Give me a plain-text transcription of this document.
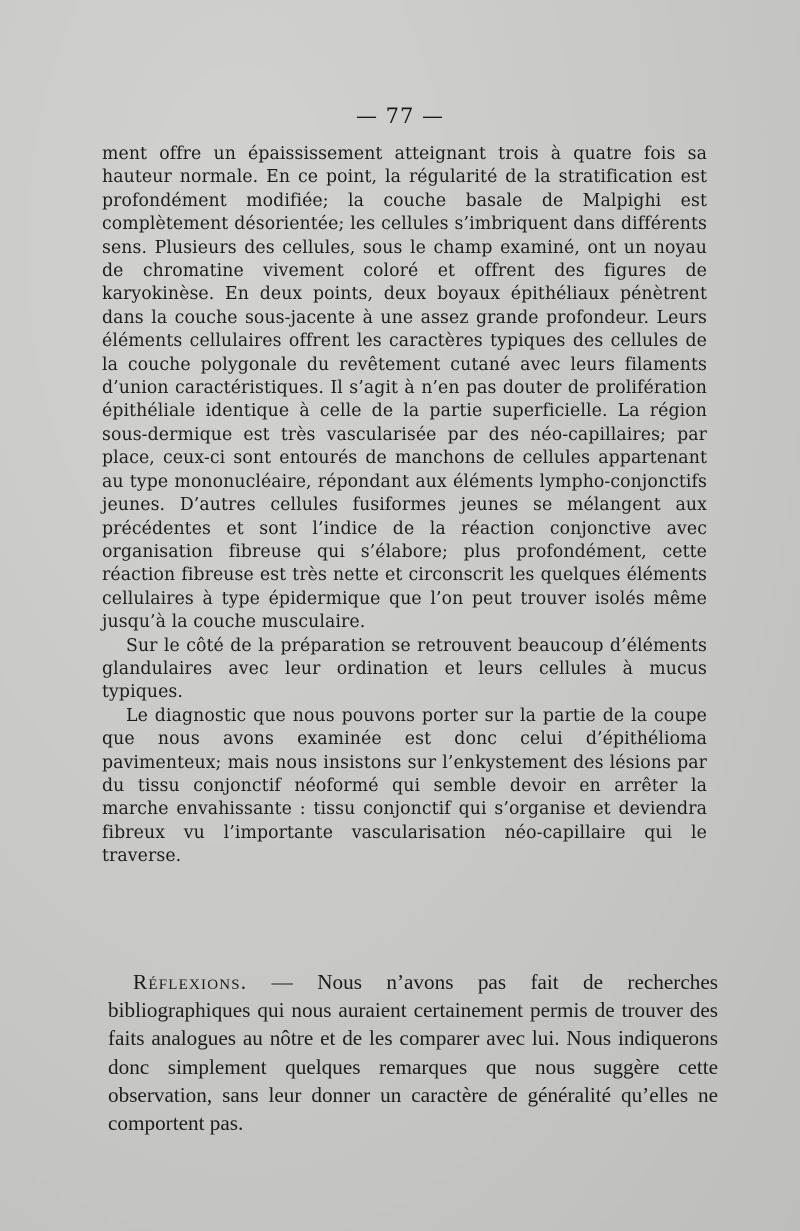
— 77 —

ment offre un épaississement atteignant trois à quatre fois sa hauteur normale. En ce point, la régularité de la stratification est profondément modifiée; la couche basale de Malpighi est complètement désorientée; les cellules s’imbriquent dans différents sens. Plusieurs des cellules, sous le champ examiné, ont un noyau de chromatine vivement coloré et offrent des figures de karyokinèse. En deux points, deux boyaux épithéliaux pénètrent dans la couche sous-jacente à une assez grande profondeur. Leurs éléments cellulaires offrent les caractères typiques des cellules de la couche polygonale du revêtement cutané avec leurs filaments d’union caractéristiques. Il s’agit à n’en pas douter de prolifération épithéliale identique à celle de la partie superficielle. La région sous-dermique est très vascularisée par des néo-capillaires; par place, ceux-ci sont entourés de manchons de cellules appartenant au type mononucléaire, répondant aux éléments lympho-conjonctifs jeunes. D’autres cellules fusiformes jeunes se mélangent aux précédentes et sont l’indice de la réaction conjonctive avec organisation fibreuse qui s’élabore; plus profondément, cette réaction fibreuse est très nette et circonscrit les quelques éléments cellulaires à type épidermique que l’on peut trouver isolés même jusqu’à la couche musculaire.

Sur le côté de la préparation se retrouvent beaucoup d’éléments glandulaires avec leur ordination et leurs cellules à mucus typiques.

Le diagnostic que nous pouvons porter sur la partie de la coupe que nous avons examinée est donc celui d’épithélioma pavimenteux; mais nous insistons sur l’enkystement des lésions par du tissu conjonctif néoformé qui semble devoir en arrêter la marche envahissante : tissu conjonctif qui s’organise et deviendra fibreux vu l’importante vascularisation néo-capillaire qui le traverse.

Réflexions. — Nous n’avons pas fait de recherches bibliographiques qui nous auraient certainement permis de trouver des faits analogues au nôtre et de les comparer avec lui. Nous indiquerons donc simplement quelques remarques que nous suggère cette observation, sans leur donner un caractère de généralité qu’elles ne comportent pas.
